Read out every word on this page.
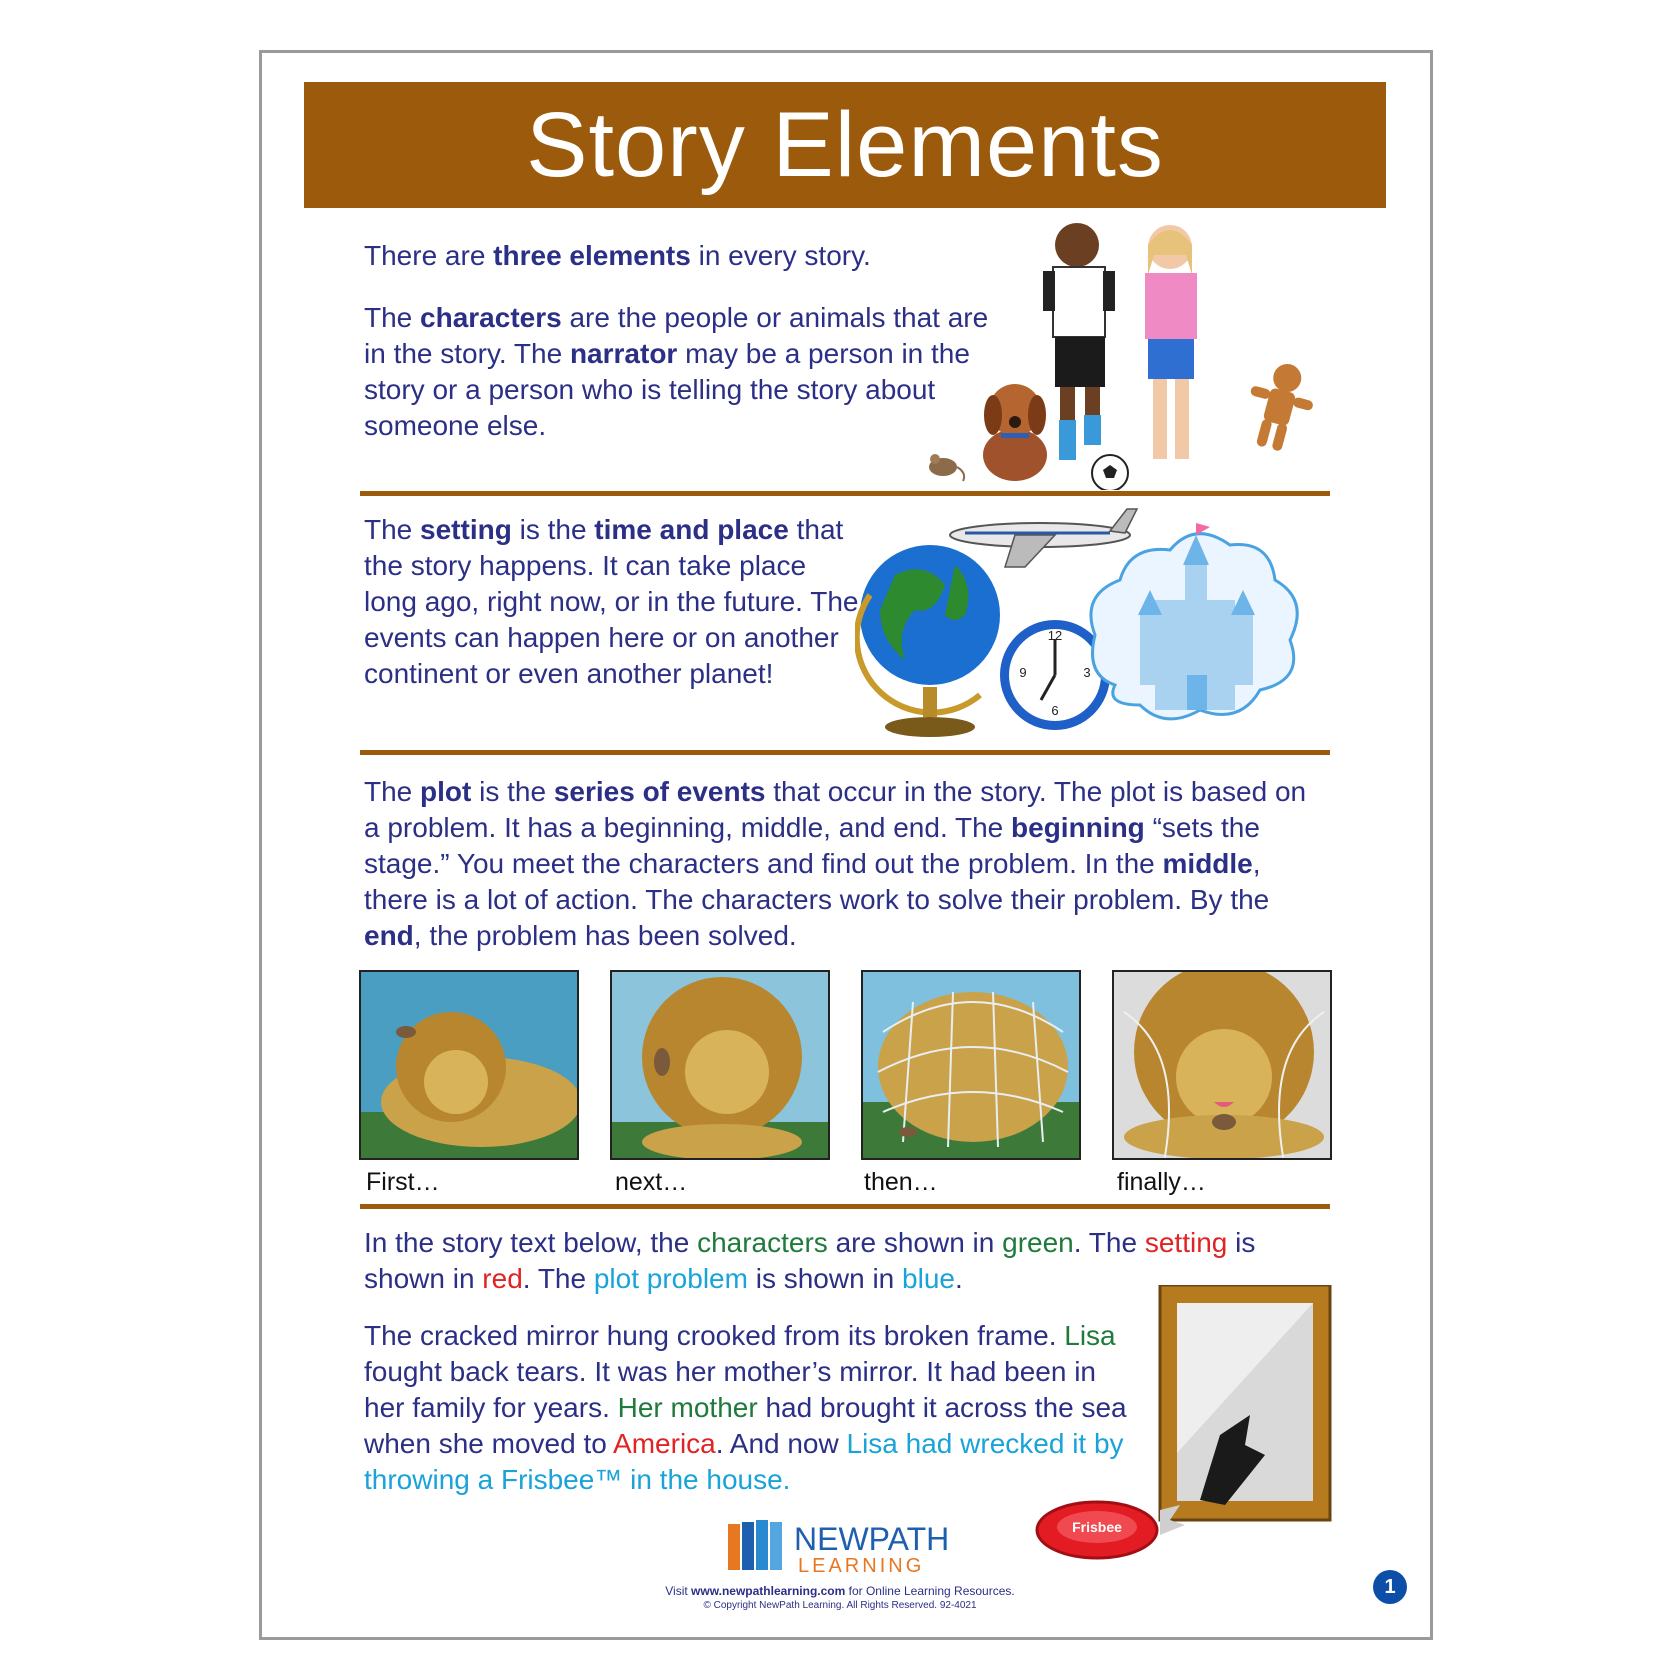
Story Elements

There are three elements in every story.

The characters are the people or animals that are in the story. The narrator may be a person in the story or a person who is telling the story about someone else.

The setting is the time and place that the story happens. It can take place long ago, right now, or in the future. The events can happen here or on another continent or even another planet!

12
3
6
9

The plot is the series of events that occur in the story. The plot is based on a problem. It has a beginning, middle, and end. The beginning “sets the stage.” You meet the characters and find out the problem. In the middle, there is a lot of action. The characters work to solve their problem. By the end, the problem has been solved.

First…	next…	then…	finally…

In the story text below, the characters are shown in green. The setting is shown in red. The plot problem is shown in blue.

The cracked mirror hung crooked from its broken frame. Lisa fought back tears. It was her mother’s mirror. It had been in her family for years. Her mother had brought it across the sea when she moved to America. And now Lisa had wrecked it by throwing a Frisbee™ in the house.

Frisbee
NEWPATH
LEARNING
Visit www.newpathlearning.com for Online Learning Resources.
© Copyright NewPath Learning. All Rights Reserved. 92-4021
1
